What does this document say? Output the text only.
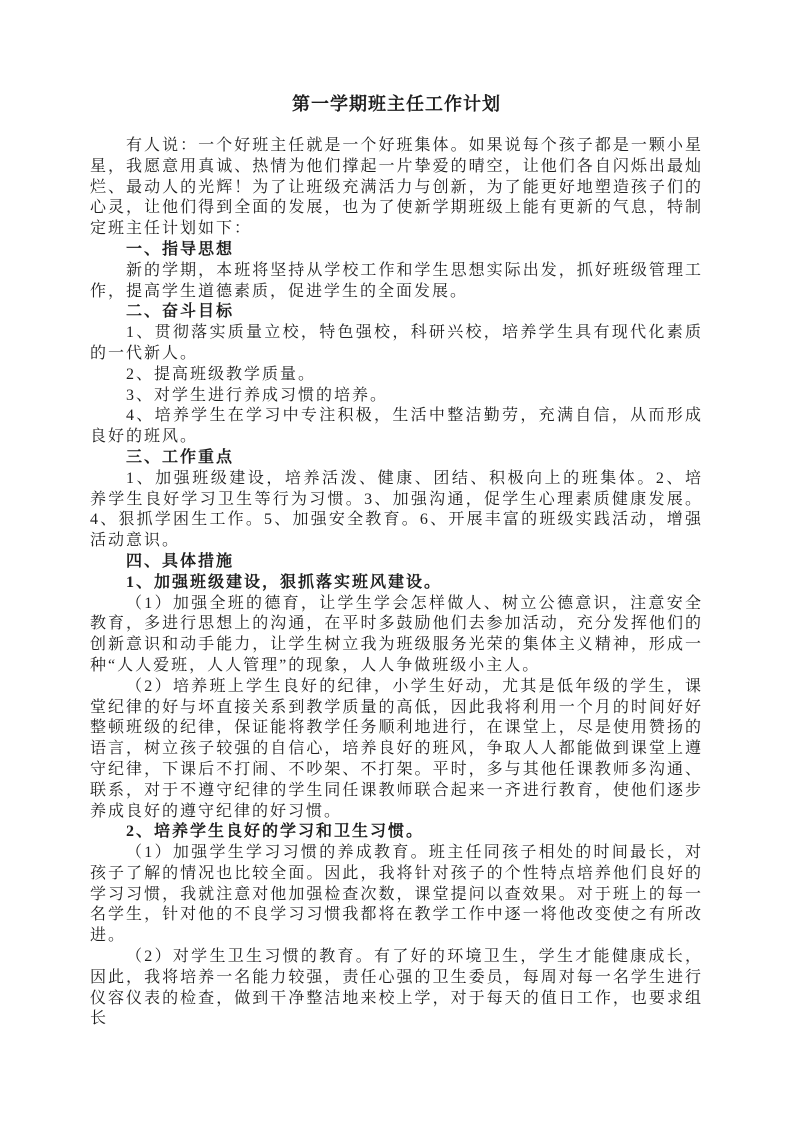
第一学期班主任工作计划

有人说：一个好班主任就是一个好班集体。如果说每个孩子都是一颗小星星，我愿意用真诚、热情为他们撑起一片挚爱的晴空，让他们各自闪烁出最灿烂、最动人的光辉！为了让班级充满活力与创新，为了能更好地塑造孩子们的心灵，让他们得到全面的发展，也为了使新学期班级上能有更新的气息，特制定班主任计划如下：

一、指导思想

新的学期，本班将坚持从学校工作和学生思想实际出发，抓好班级管理工作，提高学生道德素质，促进学生的全面发展。

二、奋斗目标

1、贯彻落实质量立校，特色强校，科研兴校，培养学生具有现代化素质的一代新人。

2、提高班级教学质量。

3、对学生进行养成习惯的培养。

4、培养学生在学习中专注积极，生活中整洁勤劳，充满自信，从而形成良好的班风。

三、工作重点

1、加强班级建设，培养活泼、健康、团结、积极向上的班集体。2、培养学生良好学习卫生等行为习惯。3、加强沟通，促学生心理素质健康发展。4、狠抓学困生工作。5、加强安全教育。6、开展丰富的班级实践活动，增强活动意识。

四、具体措施

1、加强班级建设，狠抓落实班风建设。

（1）加强全班的德育，让学生学会怎样做人、树立公德意识，注意安全教育，多进行思想上的沟通，在平时多鼓励他们去参加活动，充分发挥他们的创新意识和动手能力，让学生树立我为班级服务光荣的集体主义精神，形成一种“人人爱班，人人管理”的现象，人人争做班级小主人。

（2）培养班上学生良好的纪律，小学生好动，尤其是低年级的学生，课堂纪律的好与坏直接关系到教学质量的高低，因此我将利用一个月的时间好好整顿班级的纪律，保证能将教学任务顺利地进行，在课堂上，尽是使用赞扬的语言，树立孩子较强的自信心，培养良好的班风，争取人人都能做到课堂上遵守纪律，下课后不打闹、不吵架、不打架。平时，多与其他任课教师多沟通、联系，对于不遵守纪律的学生同任课教师联合起来一齐进行教育，使他们逐步养成良好的遵守纪律的好习惯。

2、培养学生良好的学习和卫生习惯。

（1）加强学生学习习惯的养成教育。班主任同孩子相处的时间最长，对孩子了解的情况也比较全面。因此，我将针对孩子的个性特点培养他们良好的学习习惯，我就注意对他加强检查次数，课堂提问以查效果。对于班上的每一名学生，针对他的不良学习习惯我都将在教学工作中逐一将他改变使之有所改进。

（2）对学生卫生习惯的教育。有了好的环境卫生，学生才能健康成长，因此，我将培养一名能力较强，责任心强的卫生委员，每周对每一名学生进行仪容仪表的检查，做到干净整洁地来校上学，对于每天的值日工作，也要求组长
